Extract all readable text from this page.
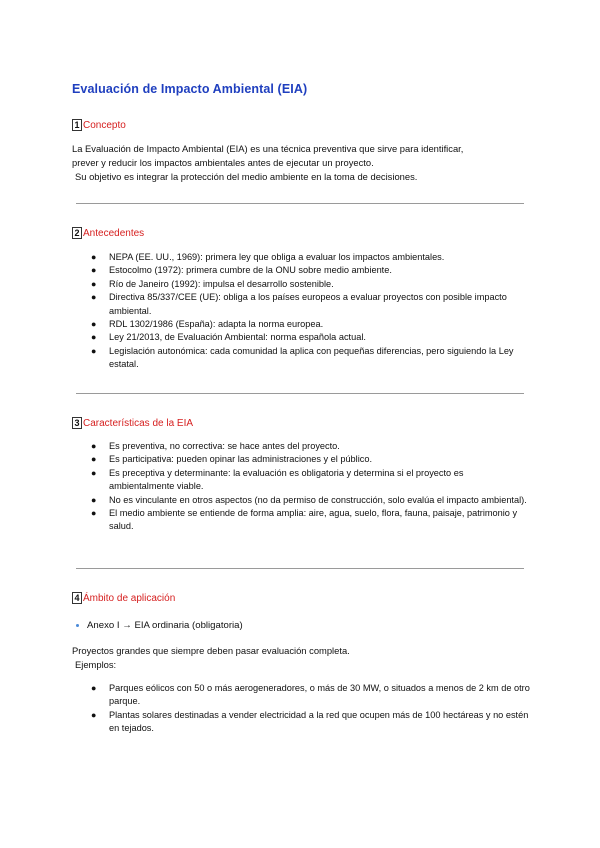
Evaluación de Impacto Ambiental (EIA)
1 Concepto
La Evaluación de Impacto Ambiental (EIA) es una técnica preventiva que sirve para identificar,
prever y reducir los impactos ambientales antes de ejecutar un proyecto.
Su objetivo es integrar la protección del medio ambiente en la toma de decisiones.
2 Antecedentes
● NEPA (EE. UU., 1969): primera ley que obliga a evaluar los impactos ambientales.
● Estocolmo (1972): primera cumbre de la ONU sobre medio ambiente.
● Río de Janeiro (1992): impulsa el desarrollo sostenible.
● Directiva 85/337/CEE (UE): obliga a los países europeos a evaluar proyectos con posible impacto ambiental.
● RDL 1302/1986 (España): adapta la norma europea.
● Ley 21/2013, de Evaluación Ambiental: norma española actual.
● Legislación autonómica: cada comunidad la aplica con pequeñas diferencias, pero siguiendo la Ley estatal.
3 Características de la EIA
● Es preventiva, no correctiva: se hace antes del proyecto.
● Es participativa: pueden opinar las administraciones y el público.
● Es preceptiva y determinante: la evaluación es obligatoria y determina si el proyecto es ambientalmente viable.
● No es vinculante en otros aspectos (no da permiso de construcción, solo evalúa el impacto ambiental).
● El medio ambiente se entiende de forma amplia: aire, agua, suelo, flora, fauna, paisaje, patrimonio y salud.
4 Ámbito de aplicación
Anexo I → EIA ordinaria (obligatoria)
Proyectos grandes que siempre deben pasar evaluación completa.
Ejemplos:
● Parques eólicos con 50 o más aerogeneradores, o más de 30 MW, o situados a menos de 2 km de otro parque.
● Plantas solares destinadas a vender electricidad a la red que ocupen más de 100 hectáreas y no estén en tejados.
